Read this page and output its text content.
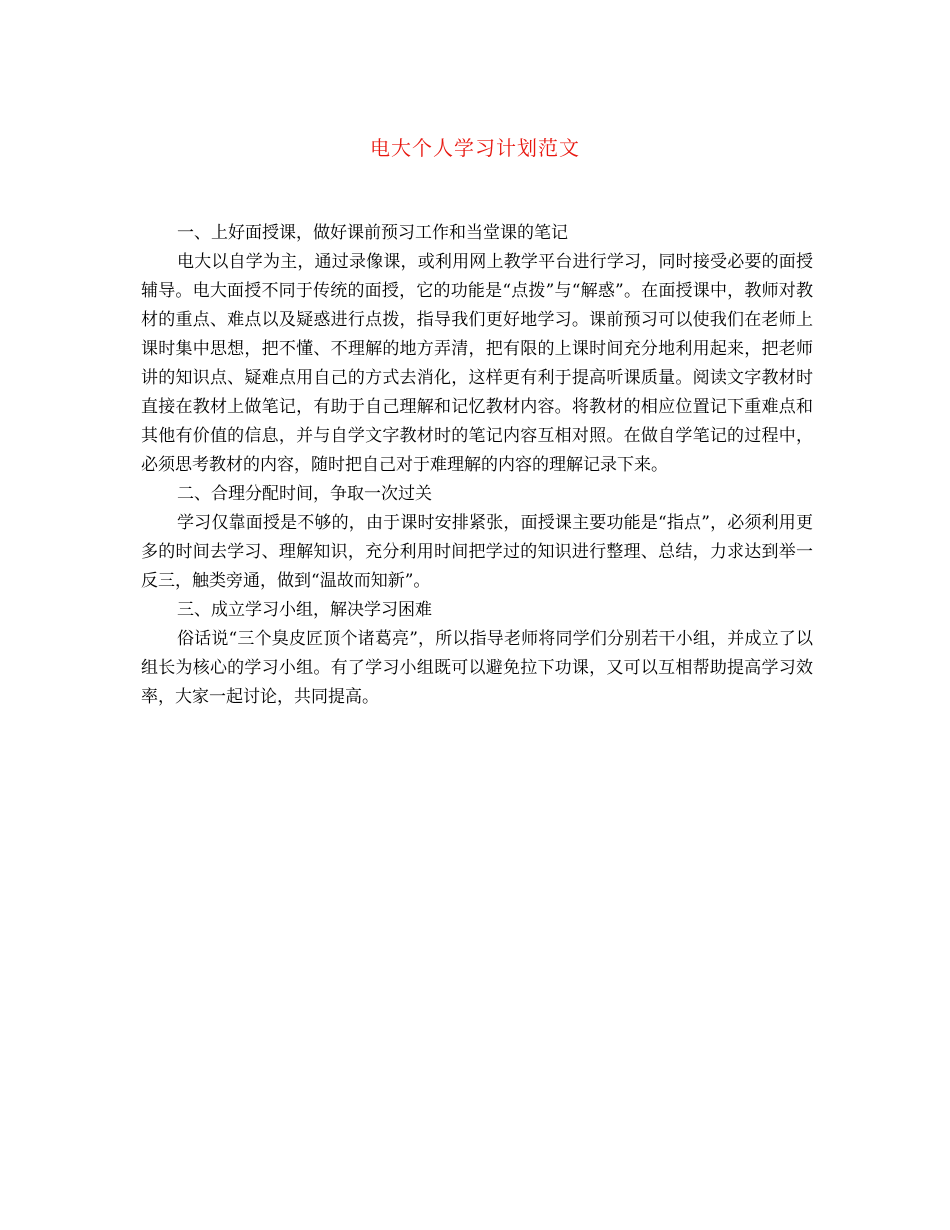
电大个人学习计划范文

一、上好面授课，做好课前预习工作和当堂课的笔记

电大以自学为主，通过录像课，或利用网上教学平台进行学习，同时接受必要的面授辅导。电大面授不同于传统的面授，它的功能是“点拨”与“解惑”。在面授课中，教师对教材的重点、难点以及疑惑进行点拨，指导我们更好地学习。课前预习可以使我们在老师上课时集中思想，把不懂、不理解的地方弄清，把有限的上课时间充分地利用起来，把老师讲的知识点、疑难点用自己的方式去消化，这样更有利于提高听课质量。阅读文字教材时直接在教材上做笔记，有助于自己理解和记忆教材内容。将教材的相应位置记下重难点和其他有价值的信息，并与自学文字教材时的笔记内容互相对照。在做自学笔记的过程中，必须思考教材的内容，随时把自己对于难理解的内容的理解记录下来。

二、合理分配时间，争取一次过关

学习仅靠面授是不够的，由于课时安排紧张，面授课主要功能是“指点”，必须利用更多的时间去学习、理解知识，充分利用时间把学过的知识进行整理、总结，力求达到举一反三，触类旁通，做到“温故而知新”。

三、成立学习小组，解决学习困难

俗话说“三个臭皮匠顶个诸葛亮”，所以指导老师将同学们分别若干小组，并成立了以组长为核心的学习小组。有了学习小组既可以避免拉下功课，又可以互相帮助提高学习效率，大家一起讨论，共同提高。
